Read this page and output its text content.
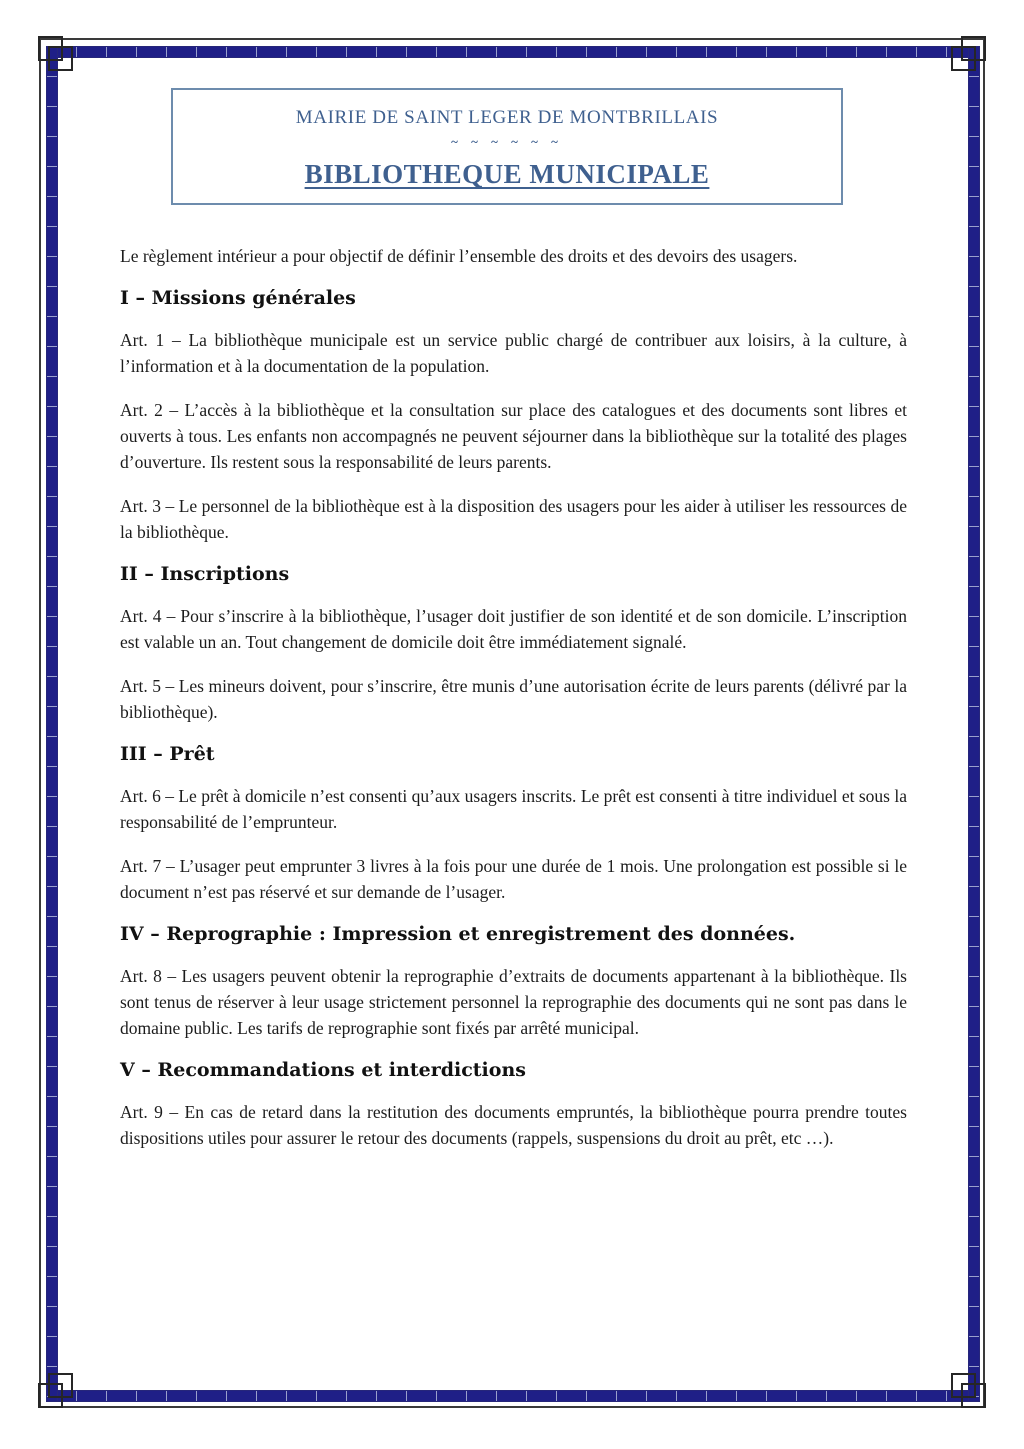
MAIRIE DE SAINT LEGER DE MONTBRILLAIS
~ ~ ~ ~ ~ ~
BIBLIOTHEQUE MUNICIPALE

Le règlement intérieur a pour objectif de définir l’ensemble des droits et des devoirs des usagers.

I – Missions générales

Art. 1 – La bibliothèque municipale est un service public chargé de contribuer aux loisirs, à la culture, à l’information et à la documentation de la population.

Art. 2 – L’accès à la bibliothèque et la consultation sur place des catalogues et des documents sont libres et ouverts à tous. Les enfants non accompagnés ne peuvent séjourner dans la bibliothèque sur la totalité des plages d’ouverture. Ils restent sous la responsabilité de leurs parents.

Art. 3 – Le personnel de la bibliothèque est à la disposition des usagers pour les aider à utiliser les ressources de la bibliothèque.

II – Inscriptions

Art. 4 – Pour s’inscrire à la bibliothèque, l’usager doit justifier de son identité et de son domicile. L’inscription est valable un an. Tout changement de domicile doit être immédiatement signalé.

Art. 5 – Les mineurs doivent, pour s’inscrire, être munis d’une autorisation écrite de leurs parents (délivré par la bibliothèque).

III – Prêt

Art. 6 – Le prêt à domicile n’est consenti qu’aux usagers inscrits. Le prêt est consenti à titre individuel et sous la responsabilité de l’emprunteur.

Art. 7 – L’usager peut emprunter 3 livres à la fois pour une durée de 1 mois. Une prolongation est possible si le document n’est pas réservé et sur demande de l’usager.

IV – Reprographie : Impression et enregistrement des données.

Art. 8 – Les usagers peuvent obtenir la reprographie d’extraits de documents appartenant à la bibliothèque. Ils sont tenus de réserver à leur usage strictement personnel la reprographie des documents qui ne sont pas dans le domaine public. Les tarifs de reprographie sont fixés par arrêté municipal.

V – Recommandations et interdictions

Art. 9 – En cas de retard dans la restitution des documents empruntés, la bibliothèque pourra prendre toutes dispositions utiles pour assurer le retour des documents (rappels, suspensions du droit au prêt, etc …).
